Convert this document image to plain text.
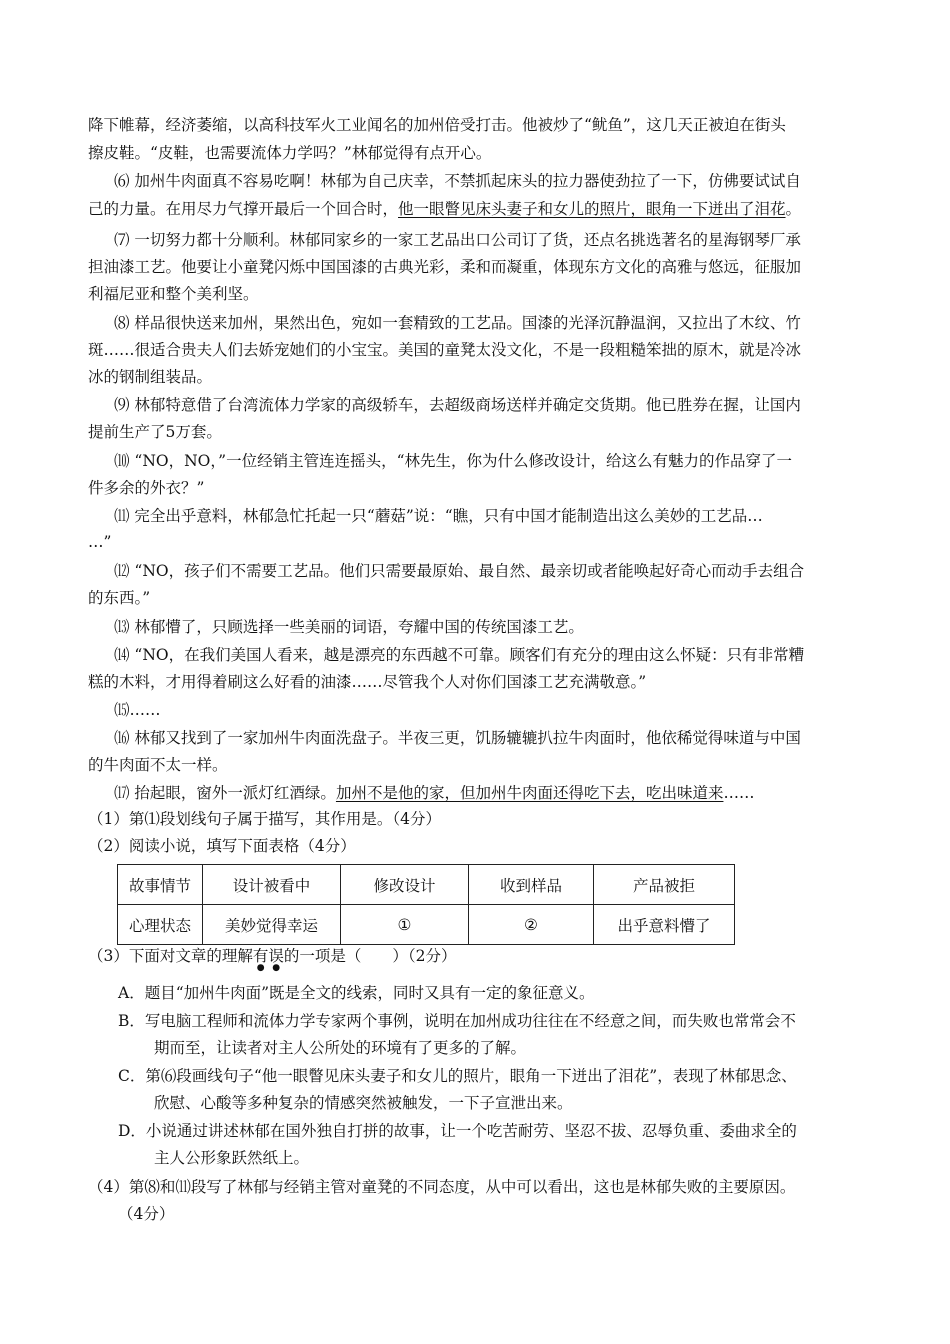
降下帷幕，经济萎缩，以高科技军火工业闻名的加州倍受打击。他被炒了“鱿鱼”，这几天正被迫在街头
擦皮鞋。“皮鞋，也需要流体力学吗？”林郁觉得有点开心。
⑹ 加州牛肉面真不容易吃啊！林郁为自己庆幸，不禁抓起床头的拉力器使劲拉了一下，仿佛要试试自
己的力量。在用尽力气撑开最后一个回合时，他一眼瞥见床头妻子和女儿的照片，眼角一下迸出了泪花。
⑺ 一切努力都十分顺利。林郁同家乡的一家工艺品出口公司订了货，还点名挑选著名的星海钢琴厂承
担油漆工艺。他要让小童凳闪烁中国国漆的古典光彩，柔和而凝重，体现东方文化的高雅与悠远，征服加
利福尼亚和整个美利坚。
⑻ 样品很快送来加州，果然出色，宛如一套精致的工艺品。国漆的光泽沉静温润，又拉出了木纹、竹
斑……很适合贵夫人们去娇宠她们的小宝宝。美国的童凳太没文化，不是一段粗糙笨拙的原木，就是冷冰
冰的钢制组装品。
⑼ 林郁特意借了台湾流体力学家的高级轿车，去超级商场送样并确定交货期。他已胜券在握，让国内
提前生产了5万套。
⑽ “NO，NO，”一位经销主管连连摇头，“林先生，你为什么修改设计，给这么有魅力的作品穿了一
件多余的外衣？”
⑾ 完全出乎意料，林郁急忙托起一只“蘑菇”说：“瞧，只有中国才能制造出这么美妙的工艺品…
…”
⑿ “NO，孩子们不需要工艺品。他们只需要最原始、最自然、最亲切或者能唤起好奇心而动手去组合
的东西。”
⒀ 林郁懵了，只顾选择一些美丽的词语，夸耀中国的传统国漆工艺。
⒁ “NO，在我们美国人看来，越是漂亮的东西越不可靠。顾客们有充分的理由这么怀疑：只有非常糟
糕的木料，才用得着刷这么好看的油漆……尽管我个人对你们国漆工艺充满敬意。”
⒂……
⒃ 林郁又找到了一家加州牛肉面洗盘子。半夜三更，饥肠辘辘扒拉牛肉面时，他依稀觉得味道与中国
的牛肉面不太一样。
⒄ 抬起眼，窗外一派灯红酒绿。加州不是他的家，但加州牛肉面还得吃下去，吃出味道来……
（1）第⑴段划线句子属于描写，其作用是。（4分）
（2）阅读小说，填写下面表格（4分）
故事情节	设计被看中	修改设计	收到样品	产品被拒
心理状态	美妙觉得幸运	①	②	出乎意料懵了
（3）下面对文章的理解有
●
误
●
的一项是（　　）（2分）
A．题目“加州牛肉面”既是全文的线索，同时又具有一定的象征意义。
B．写电脑工程师和流体力学专家两个事例，说明在加州成功往往在不经意之间，而失败也常常会不
期而至，让读者对主人公所处的环境有了更多的了解。
C．第⑹段画线句子“他一眼瞥见床头妻子和女儿的照片，眼角一下迸出了泪花”，表现了林郁思念、
欣慰、心酸等多种复杂的情感突然被触发，一下子宣泄出来。
D．小说通过讲述林郁在国外独自打拼的故事，让一个吃苦耐劳、坚忍不拔、忍辱负重、委曲求全的
主人公形象跃然纸上。
（4）第⑻和⑾段写了林郁与经销主管对童凳的不同态度，从中可以看出，这也是林郁失败的主要原因。
（4分）
